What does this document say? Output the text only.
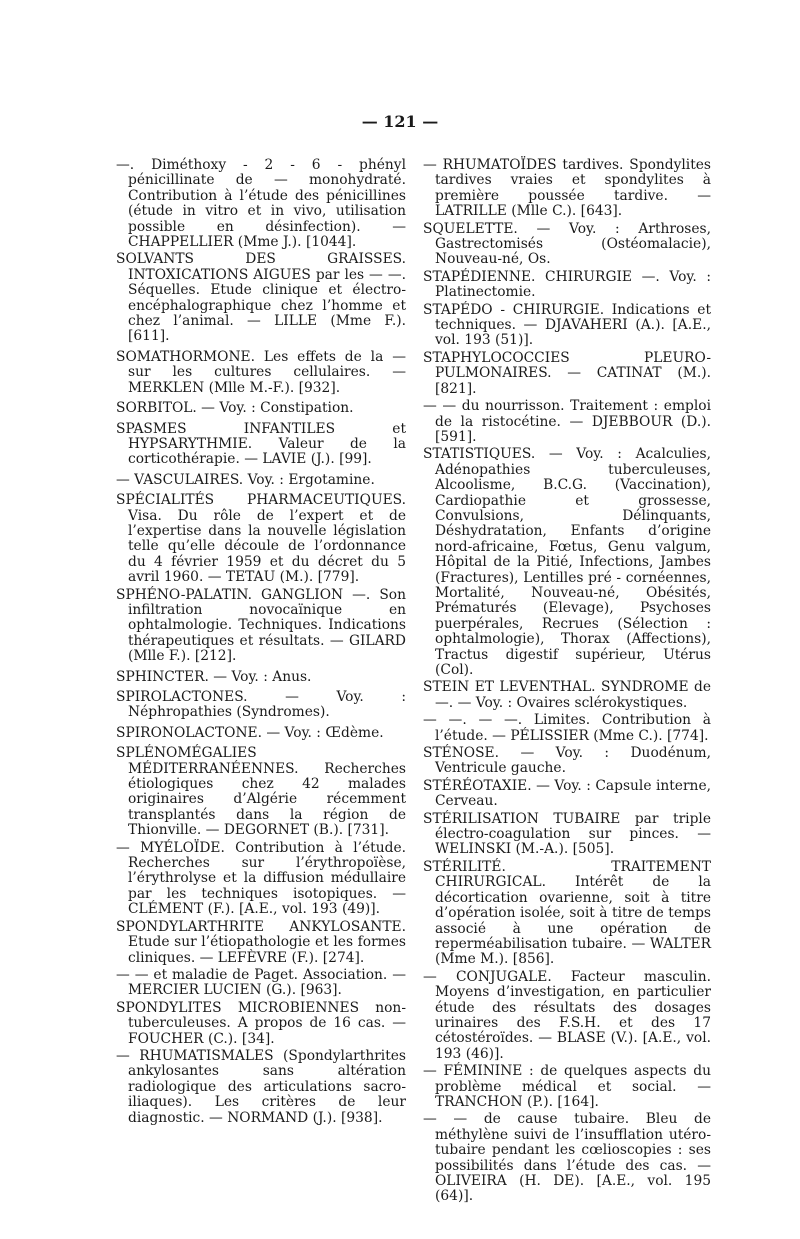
— 121 —

—. Diméthoxy - 2 - 6 - phényl pénicillinate de — monohydraté. Contribution à l’étude des pénicillines (étude in vitro et in vivo, utilisation possible en désinfection). — CHAPPELLIER (Mme J.). [1044].

SOLVANTS DES GRAISSES. INTOXICATIONS AIGUES par les — —. Séquelles. Etude clinique et électro-encéphalographique chez l’homme et chez l’animal. — LILLE (Mme F.). [611].

SOMATHORMONE. Les effets de la — sur les cultures cellulaires. — MERKLEN (Mlle M.-F.). [932].

SORBITOL. — Voy. : Constipation.

SPASMES INFANTILES et HYPSARYTHMIE. Valeur de la corticothérapie. — LAVIE (J.). [99].

— VASCULAIRES. Voy. : Ergotamine.

SPÉCIALITÉS PHARMACEUTIQUES. Visa. Du rôle de l’expert et de l’expertise dans la nouvelle législation telle qu’elle découle de l’ordonnance du 4 février 1959 et du décret du 5 avril 1960. — TETAU (M.). [779].

SPHÉNO-PALATIN. GANGLION —. Son infiltration novocaïnique en ophtalmologie. Techniques. Indications thérapeutiques et résultats. — GILARD (Mlle F.). [212].

SPHINCTER. — Voy. : Anus.

SPIROLACTONES. — Voy. : Néphropathies (Syndromes).

SPIRONOLACTONE. — Voy. : Œdème.

SPLÉNOMÉGALIES MÉDITERRANÉENNES. Recherches étiologiques chez 42 malades originaires d’Algérie récemment transplantés dans la région de Thionville. — DEGORNET (B.). [731].

— MYÉLOÏDE. Contribution à l’étude. Recherches sur l’érythropoïèse, l’érythrolyse et la diffusion médullaire par les techniques isotopiques. — CLÉMENT (F.). [A.E., vol. 193 (49)].

SPONDYLARTHRITE ANKYLOSANTE. Etude sur l’étiopathologie et les formes cliniques. — LEFÈVRE (F.). [274].

— — et maladie de Paget. Association. — MERCIER LUCIEN (G.). [963].

SPONDYLITES MICROBIENNES non-tuberculeuses. A propos de 16 cas. — FOUCHER (C.). [34].

— RHUMATISMALES (Spondylarthrites ankylosantes sans altération radiologique des articulations sacro-iliaques). Les critères de leur diagnostic. — NORMAND (J.). [938].

— RHUMATOÏDES tardives. Spondylites tardives vraies et spondylites à première poussée tardive. — LATRILLE (Mlle C.). [643].

SQUELETTE. — Voy. : Arthroses, Gastrectomisés (Ostéomalacie), Nouveau-né, Os.

STAPÉDIENNE. CHIRURGIE —. Voy. : Platinectomie.

STAPÉDO - CHIRURGIE. Indications et techniques. — DJAVAHERI (A.). [A.E., vol. 193 (51)].

STAPHYLOCOCCIES PLEURO-PULMONAIRES. — CATINAT (M.). [821].

— — du nourrisson. Traitement : emploi de la ristocétine. — DJEBBOUR (D.). [591].

STATISTIQUES. — Voy. : Acalculies, Adénopathies tuberculeuses, Alcoolisme, B.C.G. (Vaccination), Cardiopathie et grossesse, Convulsions, Délinquants, Déshydratation, Enfants d’origine nord-africaine, Fœtus, Genu valgum, Hôpital de la Pitié, Infections, Jambes (Fractures), Lentilles pré - cornéennes, Mortalité, Nouveau-né, Obésités, Prématurés (Elevage), Psychoses puerpérales, Recrues (Sélection : ophtalmologie), Thorax (Affections), Tractus digestif supérieur, Utérus (Col).

STEIN ET LEVENTHAL. SYNDROME de —. — Voy. : Ovaires sclérokystiques.

— —. — —. Limites. Contribution à l’étude. — PÉLISSIER (Mme C.). [774].

STÉNOSE. — Voy. : Duodénum, Ventricule gauche.

STÉRÉOTAXIE. — Voy. : Capsule interne, Cerveau.

STÉRILISATION TUBAIRE par triple électro-coagulation sur pinces. — WELINSKI (M.-A.). [505].

STÉRILITÉ. TRAITEMENT CHIRURGICAL. Intérêt de la décortication ovarienne, soit à titre d’opération isolée, soit à titre de temps associé à une opération de reperméabilisation tubaire. — WALTER (Mme M.). [856].

— CONJUGALE. Facteur masculin. Moyens d’investigation, en particulier étude des résultats des dosages urinaires des F.S.H. et des 17 cétostéroïdes. — BLASE (V.). [A.E., vol. 193 (46)].

— FÉMININE : de quelques aspects du problème médical et social. — TRANCHON (P.). [164].

— — de cause tubaire. Bleu de méthylène suivi de l’insufflation utéro-tubaire pendant les cœlioscopies : ses possibilités dans l’étude des cas. — OLIVEIRA (H. DE). [A.E., vol. 195 (64)].
